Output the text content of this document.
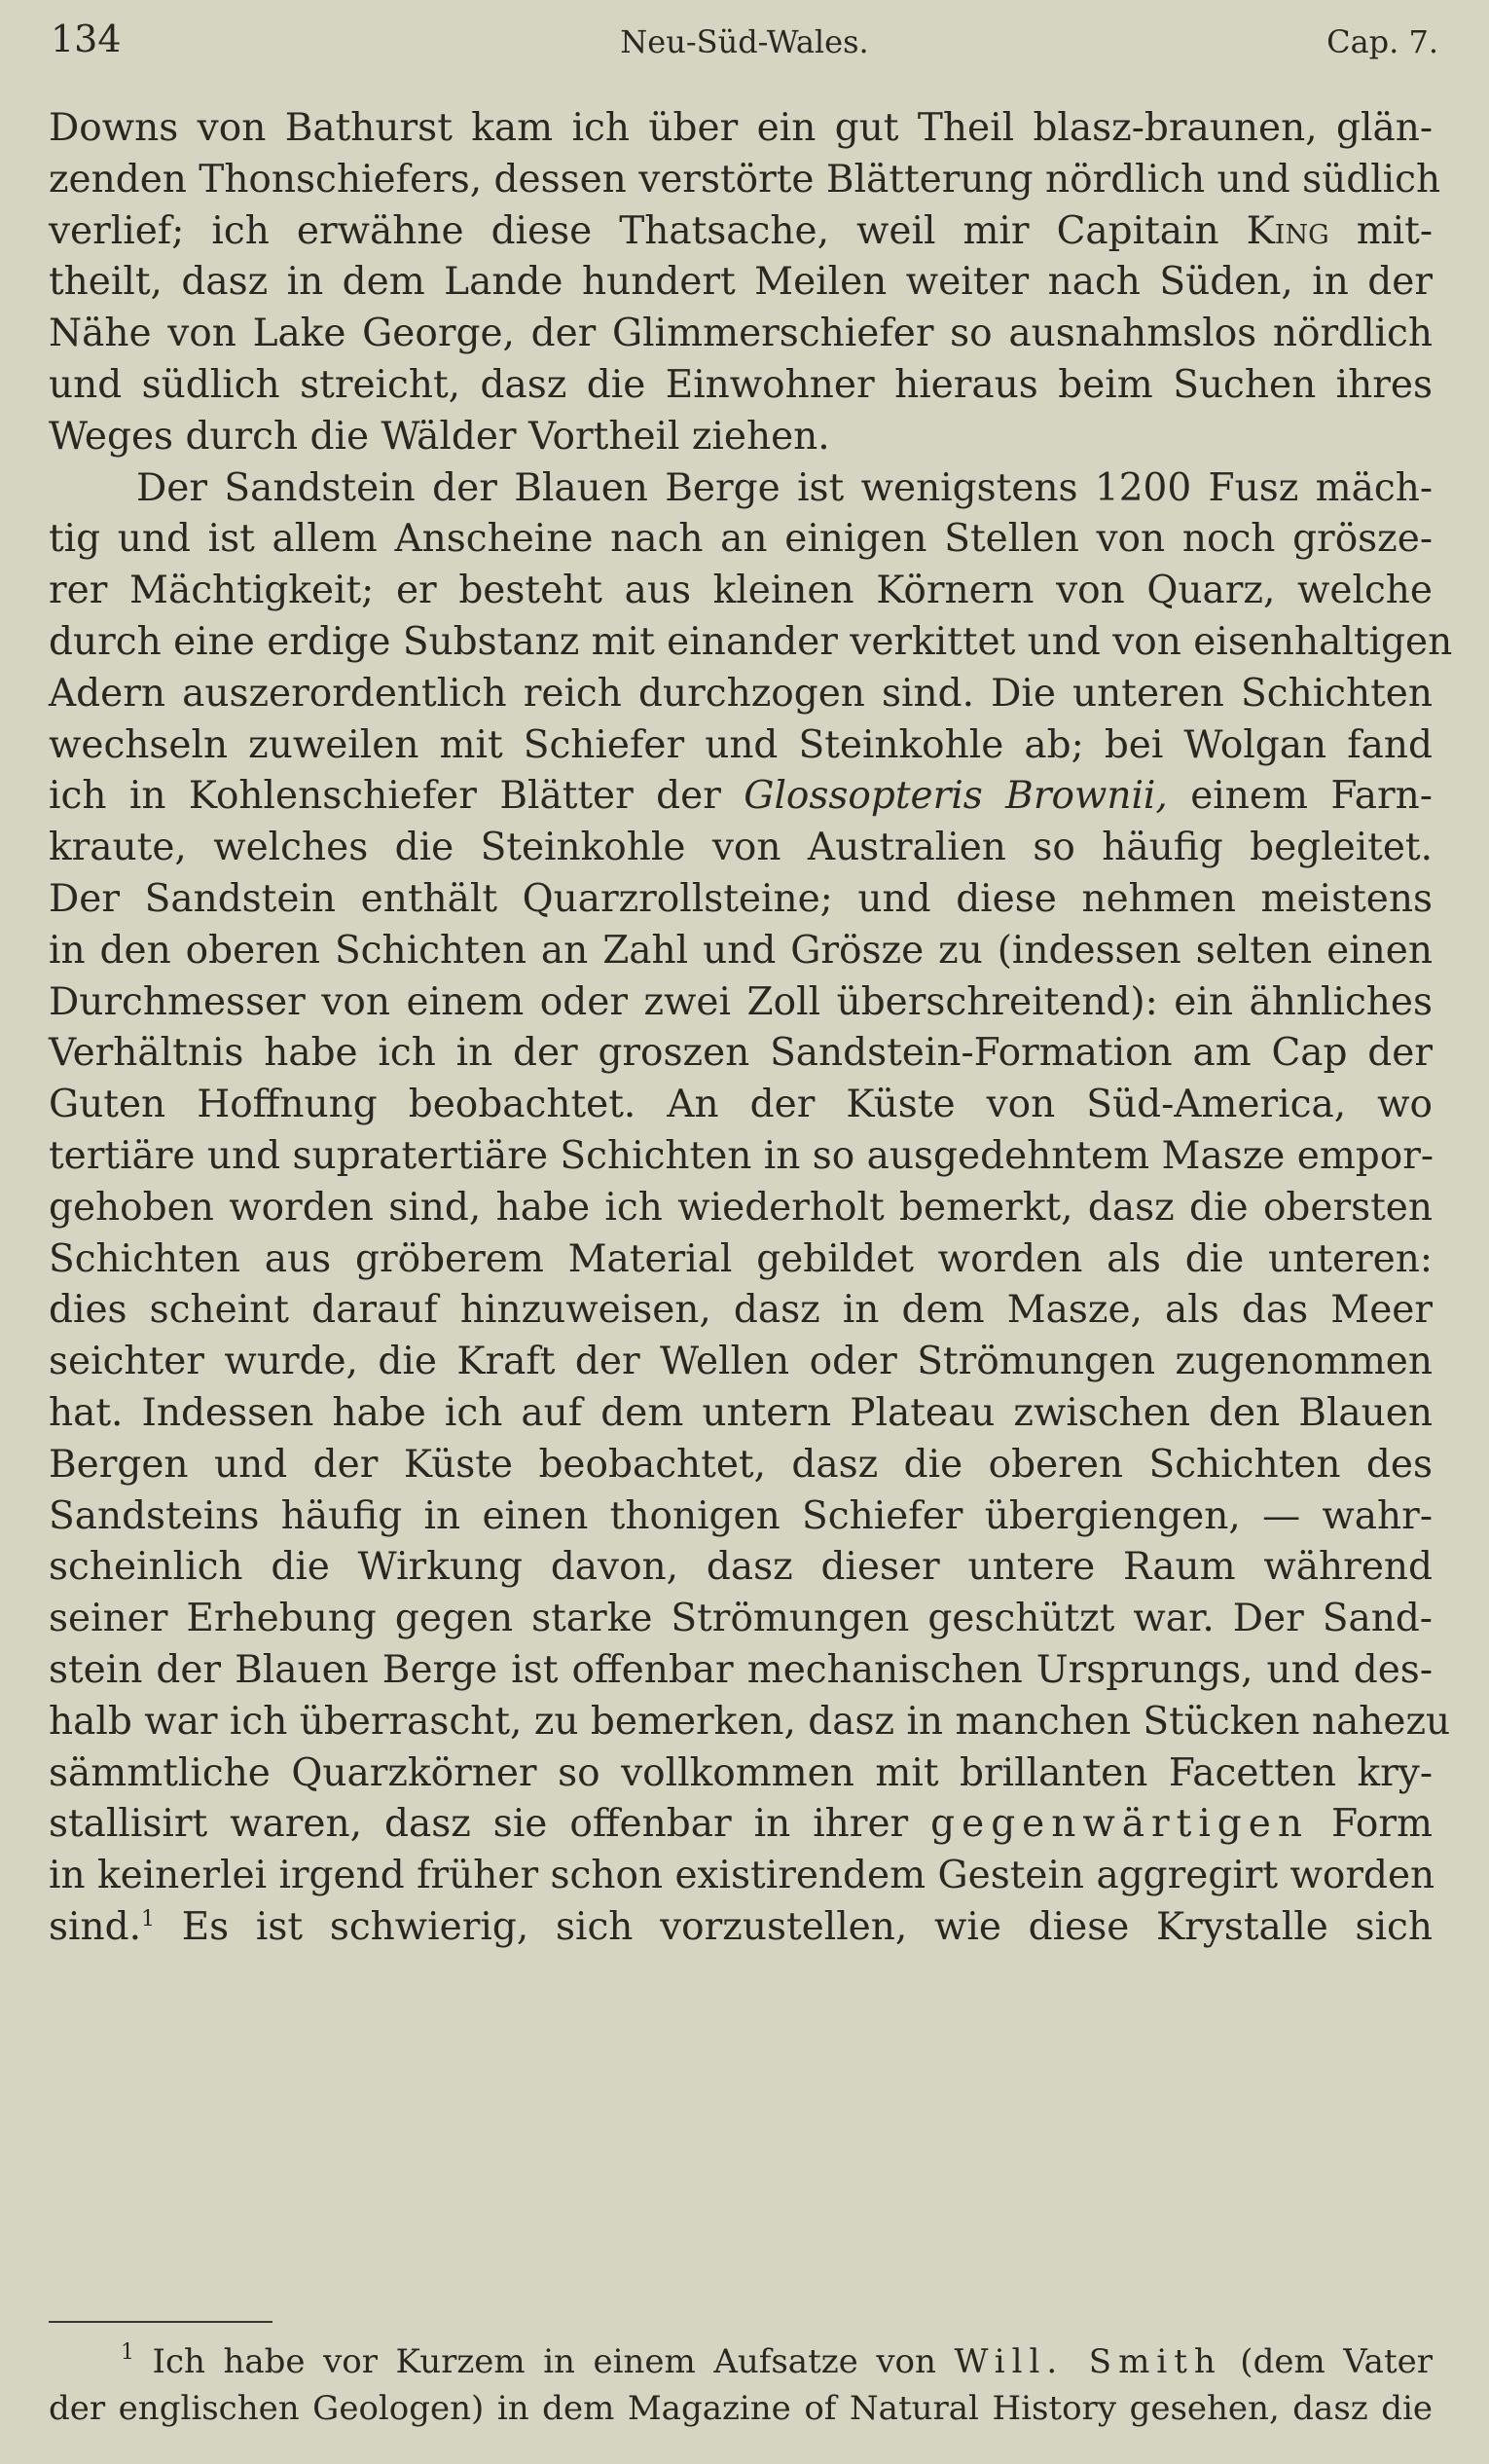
134	Neu-Süd-Wales.	Cap. 7.
Downs von Bathurst kam ich über ein gut Theil blasz-braunen, glän-
zenden Thonschiefers, dessen verstörte Blätterung nördlich und südlich
verlief; ich erwähne diese Thatsache, weil mir Capitain King mit-
theilt, dasz in dem Lande hundert Meilen weiter nach Süden, in der
Nähe von Lake George, der Glimmerschiefer so ausnahmslos nördlich
und südlich streicht, dasz die Einwohner hieraus beim Suchen ihres
Weges durch die Wälder Vortheil ziehen.
Der Sandstein der Blauen Berge ist wenigstens 1200 Fusz mäch-
tig und ist allem Anscheine nach an einigen Stellen von noch grösze-
rer Mächtigkeit; er besteht aus kleinen Körnern von Quarz, welche
durch eine erdige Substanz mit einander verkittet und von eisenhaltigen
Adern auszerordentlich reich durchzogen sind. Die unteren Schichten
wechseln zuweilen mit Schiefer und Steinkohle ab; bei Wolgan fand
ich in Kohlenschiefer Blätter der Glossopteris Brownii, einem Farn-
kraute, welches die Steinkohle von Australien so häufig begleitet.
Der Sandstein enthält Quarzrollsteine; und diese nehmen meistens
in den oberen Schichten an Zahl und Grösze zu (indessen selten einen
Durchmesser von einem oder zwei Zoll überschreitend): ein ähnliches
Verhältnis habe ich in der groszen Sandstein-Formation am Cap der
Guten Hoffnung beobachtet. An der Küste von Süd-America, wo
tertiäre und supratertiäre Schichten in so ausgedehntem Masze empor-
gehoben worden sind, habe ich wiederholt bemerkt, dasz die obersten
Schichten aus gröberem Material gebildet worden als die unteren:
dies scheint darauf hinzuweisen, dasz in dem Masze, als das Meer
seichter wurde, die Kraft der Wellen oder Strömungen zugenommen
hat. Indessen habe ich auf dem untern Plateau zwischen den Blauen
Bergen und der Küste beobachtet, dasz die oberen Schichten des
Sandsteins häufig in einen thonigen Schiefer übergiengen, — wahr-
scheinlich die Wirkung davon, dasz dieser untere Raum während
seiner Erhebung gegen starke Strömungen geschützt war. Der Sand-
stein der Blauen Berge ist offenbar mechanischen Ursprungs, und des-
halb war ich überrascht, zu bemerken, dasz in manchen Stücken nahezu
sämmtliche Quarzkörner so vollkommen mit brillanten Facetten kry-
stallisirt waren, dasz sie offenbar in ihrer gegenwärtigen Form
in keinerlei irgend früher schon existirendem Gestein aggregirt worden
sind.$^1$ Es ist schwierig, sich vorzustellen, wie diese Krystalle sich
$^1$ Ich habe vor Kurzem in einem Aufsatze von Will. Smith (dem Vater
der englischen Geologen) in dem Magazine of Natural History gesehen, dasz die
